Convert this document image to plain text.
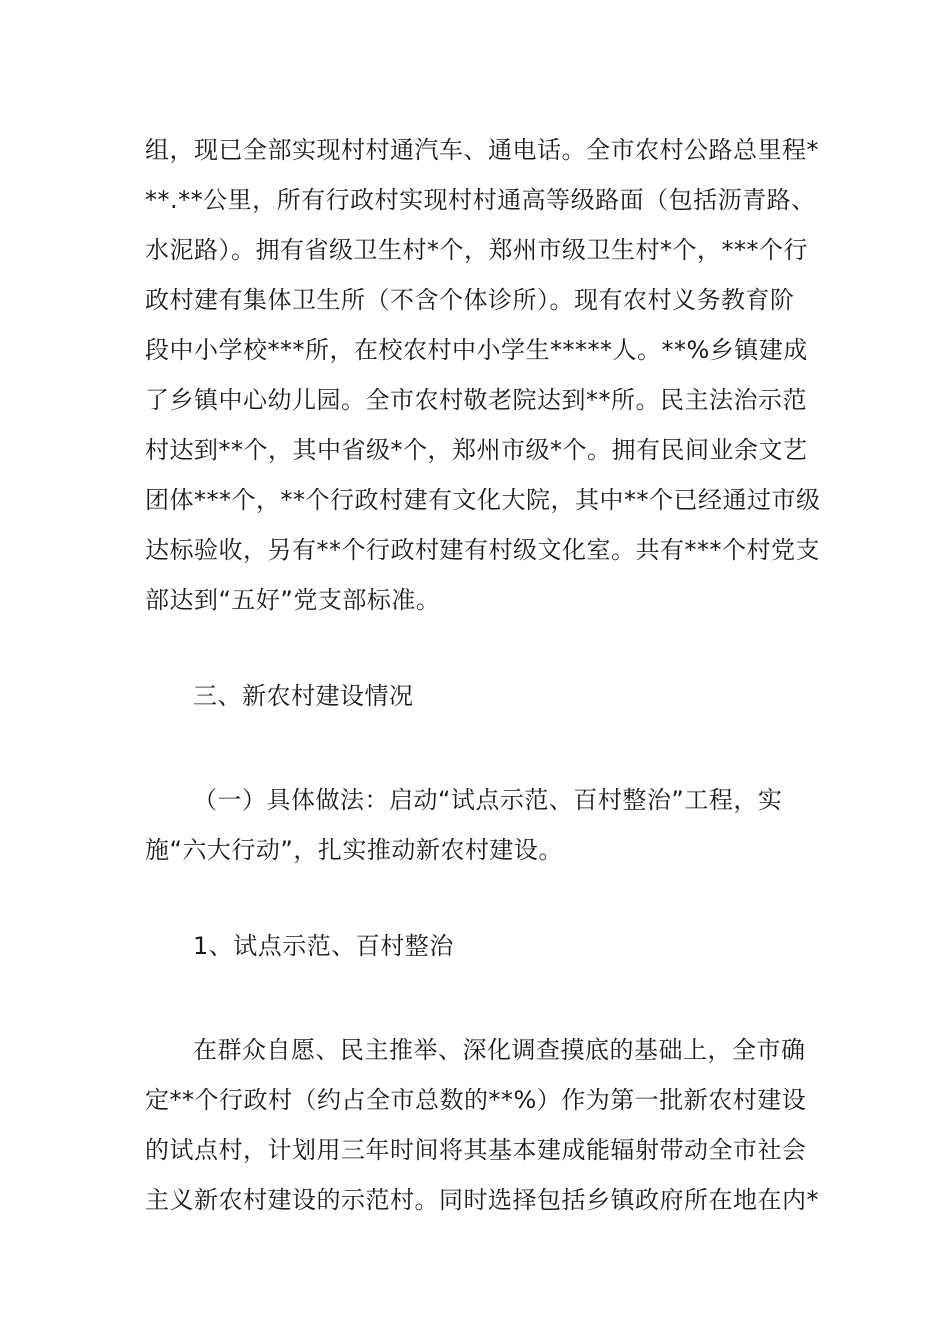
组，现已全部实现村村通汽车、通电话。全市农村公路总里程*
**.**公里，所有行政村实现村村通高等级路面（包括沥青路、
水泥路）。拥有省级卫生村*个，郑州市级卫生村*个，***个行
政村建有集体卫生所（不含个体诊所）。现有农村义务教育阶
段中小学校***所，在校农村中小学生*****人。**%乡镇建成
了乡镇中心幼儿园。全市农村敬老院达到**所。民主法治示范
村达到**个，其中省级*个，郑州市级*个。拥有民间业余文艺
团体***个，**个行政村建有文化大院，其中**个已经通过市级
达标验收，另有**个行政村建有村级文化室。共有***个村党支
部达到“五好”党支部标准。
三、新农村建设情况
（一）具体做法：启动“试点示范、百村整治”工程，实
施“六大行动”，扎实推动新农村建设。
1、试点示范、百村整治
在群众自愿、民主推举、深化调查摸底的基础上，全市确
定**个行政村（约占全市总数的**%）作为第一批新农村建设
的试点村，计划用三年时间将其基本建成能辐射带动全市社会
主义新农村建设的示范村。同时选择包括乡镇政府所在地在内*
